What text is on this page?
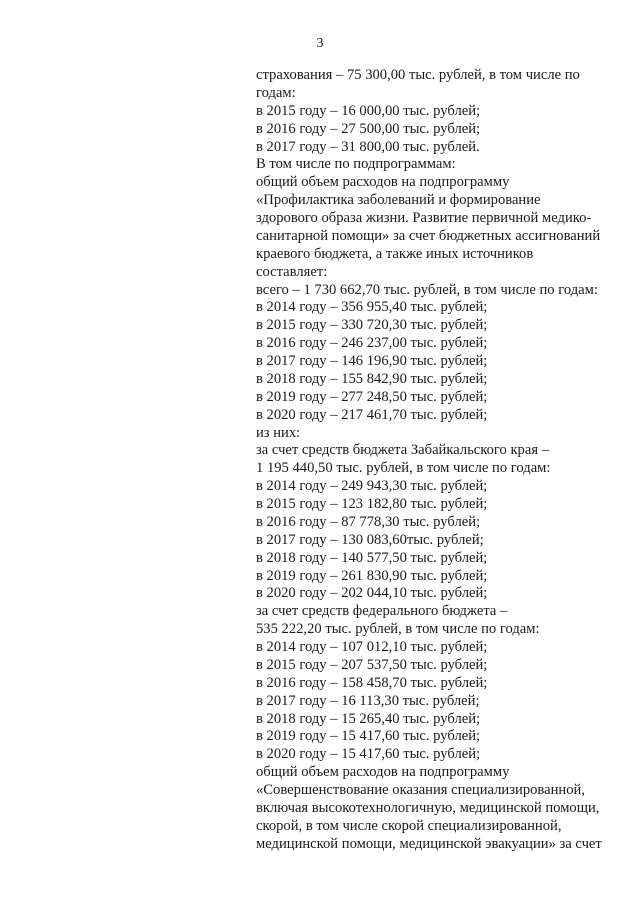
3
страхования – 75 300,00 тыс. рублей, в том числе по
годам:
в 2015 году – 16 000,00 тыс. рублей;
в 2016 году – 27 500,00 тыс. рублей;
в 2017 году – 31 800,00 тыс. рублей.
В том числе по подпрограммам:
общий объем расходов на подпрограмму
«Профилактика заболеваний и формирование
здорового образа жизни. Развитие первичной медико-
санитарной помощи» за счет бюджетных ассигнований
краевого бюджета, а также иных источников
составляет:
всего – 1 730 662,70 тыс. рублей, в том числе по годам:
в 2014 году – 356 955,40 тыс. рублей;
в 2015 году – 330 720,30 тыс. рублей;
в 2016 году – 246 237,00 тыс. рублей;
в 2017 году – 146 196,90 тыс. рублей;
в 2018 году – 155 842,90 тыс. рублей;
в 2019 году – 277 248,50 тыс. рублей;
в 2020 году – 217 461,70 тыс. рублей;
из них:
за счет средств бюджета Забайкальского края –
1 195 440,50 тыс. рублей, в том числе по годам:
в 2014 году – 249 943,30 тыс. рублей;
в 2015 году – 123 182,80 тыс. рублей;
в 2016 году – 87 778,30 тыс. рублей;
в 2017 году – 130 083,60тыс. рублей;
в 2018 году – 140 577,50 тыс. рублей;
в 2019 году – 261 830,90 тыс. рублей;
в 2020 году – 202 044,10 тыс. рублей;
за счет средств федерального бюджета –
535 222,20 тыс. рублей, в том числе по годам:
в 2014 году – 107 012,10 тыс. рублей;
в 2015 году – 207 537,50 тыс. рублей;
в 2016 году – 158 458,70 тыс. рублей;
в 2017 году – 16 113,30 тыс. рублей;
в 2018 году – 15 265,40 тыс. рублей;
в 2019 году – 15 417,60 тыс. рублей;
в 2020 году – 15 417,60 тыс. рублей;
общий объем расходов на подпрограмму
«Совершенствование оказания специализированной,
включая высокотехнологичную, медицинской помощи,
скорой, в том числе скорой специализированной,
медицинской помощи, медицинской эвакуации» за счет
